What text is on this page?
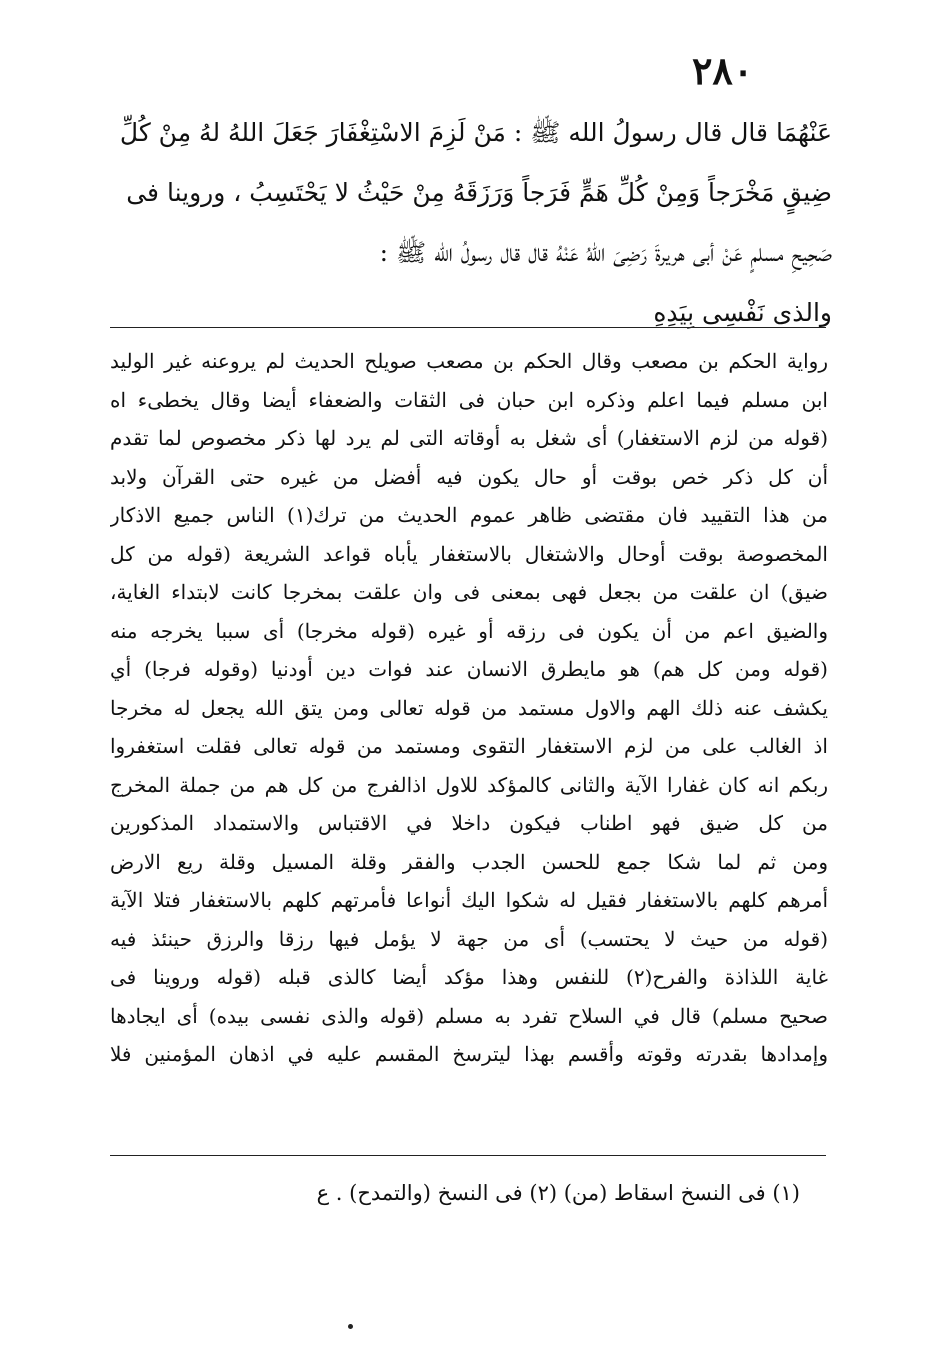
٢٨٠
عَنْهُمَا قال قال رسولُ الله ﷺ : مَنْ لَزِمَ الاسْتِغْفَارَ جَعَلَ اللهُ لهُ مِنْ كُلِّ
ضِيقٍ مَخْرَجاً وَمِنْ كُلِّ هَمٍّ فَرَجاً وَرَزَقَهُ مِنْ حَيْثُ لا يَحْتَسِبُ ، وروينا فى
صَحِيحِ مسلمٍ عَنْ أبى هريرةَ رَضِىَ اللهُ عَنْهُ قال قال رسولُ الله ﷺ :
والذى نَفْسِى بِيَدِهِ
رواية الحكم بن مصعب وقال الحكم بن مصعب صويلح الحديث لم يروعنه غير الوليد
ابن مسلم فيما اعلم وذكره ابن حبان فى الثقات والضعفاء أيضا وقال يخطىء اه
(قوله من لزم الاستغفار) أى شغل به أوقاته التى لم يرد لها ذكر مخصوص لما تقدم
أن كل ذكر خص بوقت أو حال يكون فيه أفضل من غيره حتى القرآن ولابد
من هذا التقييد فان مقتضى ظاهر عموم الحديث من ترك(١) الناس جميع الاذكار
المخصوصة بوقت أوحال والاشتغال بالاستغفار يأباه قواعد الشريعة (قوله من كل
ضيق) ان علقت من بجعل فهى بمعنى فى وان علقت بمخرجا كانت لابتداء الغاية،
والضيق اعم من أن يكون فى رزقه أو غيره (قوله مخرجا) أى سببا يخرجه منه
(قوله ومن كل هم) هو مايطرق الانسان عند فوات دين أودنيا (وقوله فرجا) أي
يكشف عنه ذلك الهم والاول مستمد من قوله تعالى ومن يتق الله يجعل له مخرجا
اذ الغالب على من لزم الاستغفار التقوى ومستمد من قوله تعالى فقلت استغفروا
ربكم انه كان غفارا الآية والثانى كالمؤكد للاول اذالفرج من كل هم من جملة المخرج
من كل ضيق فهو اطناب فيكون داخلا في الاقتباس والاستمداد المذكورين
ومن ثم لما شكا جمع للحسن الجدب والفقر وقلة المسيل وقلة ريع الارض
أمرهم كلهم بالاستغفار فقيل له شكوا اليك أنواعا فأمرتهم كلهم بالاستغفار فتلا الآية
(قوله من حيث لا يحتسب) أى من جهة لا يؤمل فيها رزقا والرزق حينئذ فيه
غاية اللذاذة والفرح(٢) للنفس وهذا مؤكد أيضا كالذى قبله (قوله وروينا فى
صحيح مسلم) قال في السلاح تفرد به مسلم (قوله والذى نفسى بيده) أى ايجادها
وإمدادها بقدرته وقوته وأقسم بهذا ليترسخ المقسم عليه في اذهان المؤمنين فلا
(١) فى النسخ اسقاط (من) (٢) فى النسخ (والتمدح) . ع
